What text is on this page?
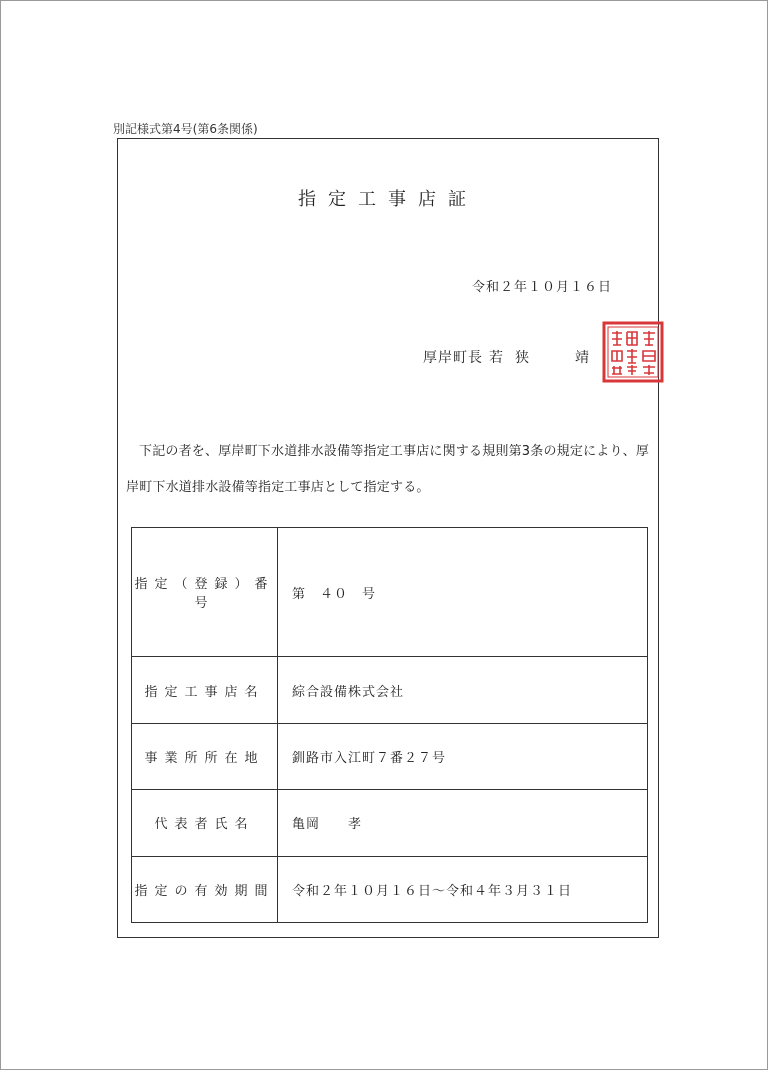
別記様式第4号(第6条関係)
指定工事店証
令和２年１０月１６日
厚岸町長 若狭 靖
下記の者を、厚岸町下水道排水設備等指定工事店に関する規則第3条の規定により、厚岸町下水道排水設備等指定工事店として指定する。
指定（登録）番号	第　４０　号
指定工事店名	綜合設備株式会社
事業所所在地	釧路市入江町７番２７号
代表者氏名	亀岡　　孝
指定の有効期間	令和２年１０月１６日～令和４年３月３１日
